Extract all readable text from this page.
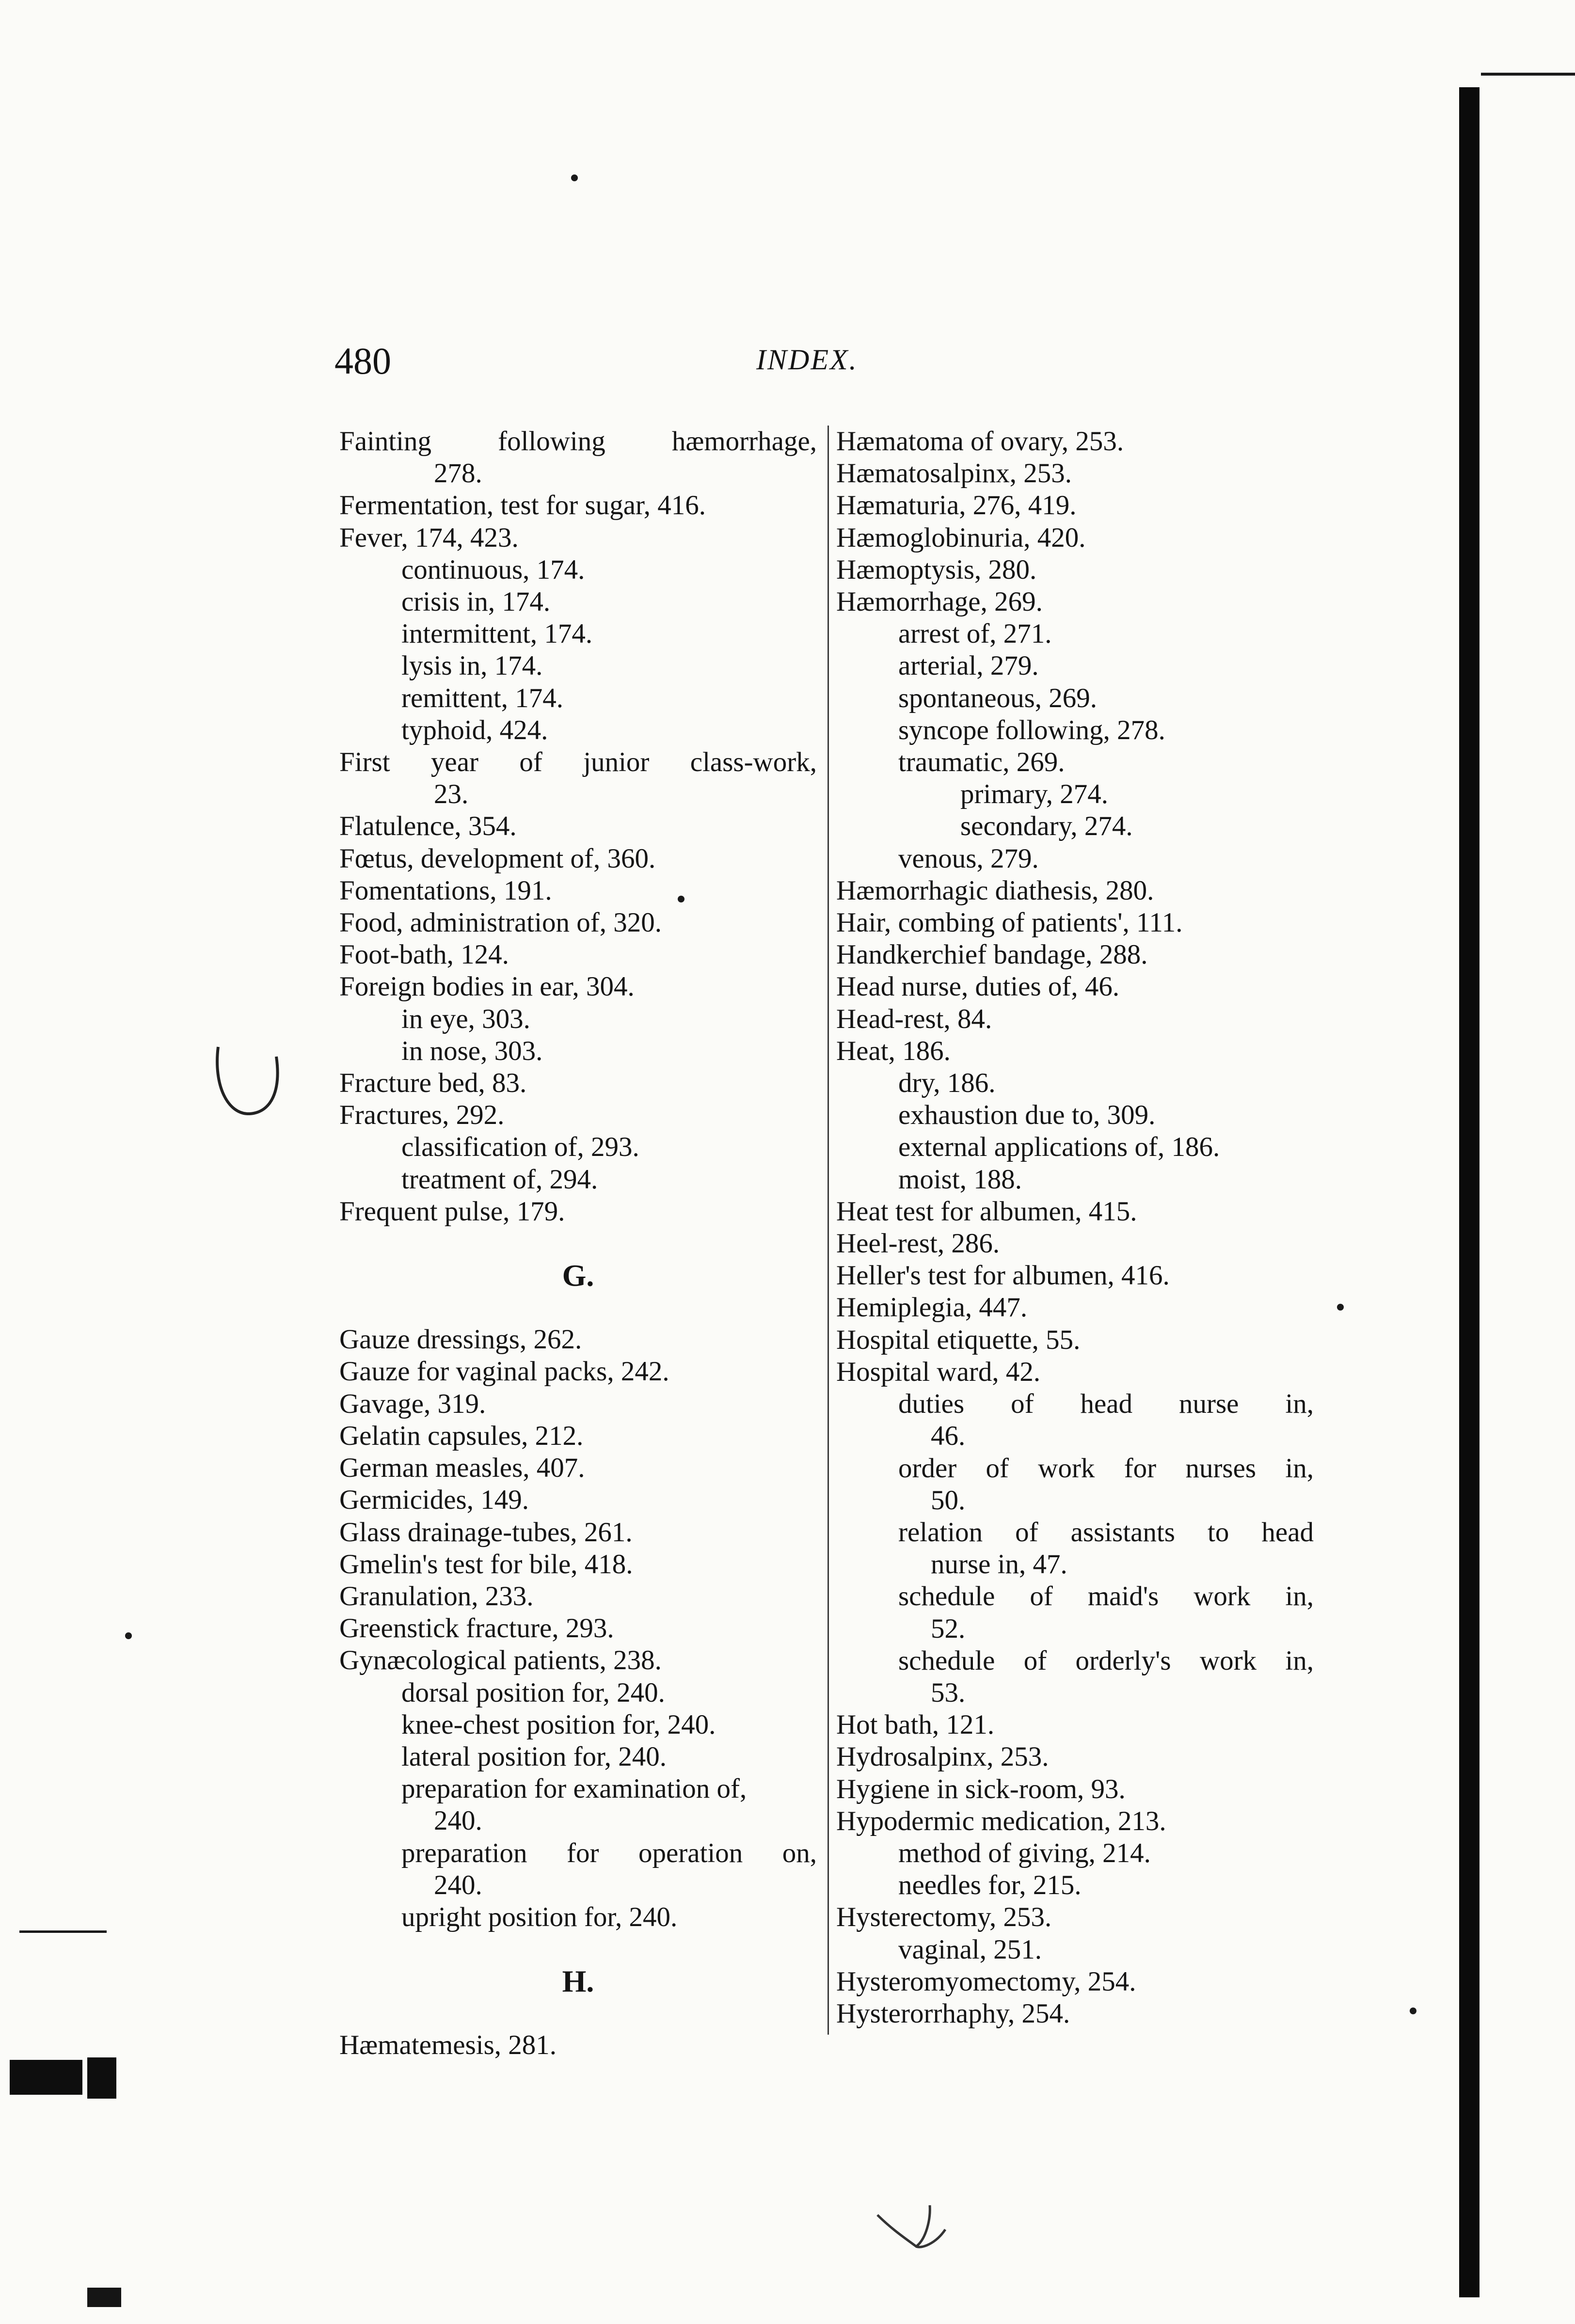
480	INDEX.
Fainting following hæmorrhage,
278.
Fermentation, test for sugar, 416.
Fever, 174, 423.
continuous, 174.
crisis in, 174.
intermittent, 174.
lysis in, 174.
remittent, 174.
typhoid, 424.
First year of junior class-work,
23.
Flatulence, 354.
Fœtus, development of, 360.
Fomentations, 191.
Food, administration of, 320.
Foot-bath, 124.
Foreign bodies in ear, 304.
in eye, 303.
in nose, 303.
Fracture bed, 83.
Fractures, 292.
classification of, 293.
treatment of, 294.
Frequent pulse, 179.
G.
Gauze dressings, 262.
Gauze for vaginal packs, 242.
Gavage, 319.
Gelatin capsules, 212.
German measles, 407.
Germicides, 149.
Glass drainage-tubes, 261.
Gmelin's test for bile, 418.
Granulation, 233.
Greenstick fracture, 293.
Gynæcological patients, 238.
dorsal position for, 240.
knee-chest position for, 240.
lateral position for, 240.
preparation for examination of,
240.
preparation for operation on,
240.
upright position for, 240.
H.
Hæmatemesis, 281.
Hæmatoma of ovary, 253.
Hæmatosalpinx, 253.
Hæmaturia, 276, 419.
Hæmoglobinuria, 420.
Hæmoptysis, 280.
Hæmorrhage, 269.
arrest of, 271.
arterial, 279.
spontaneous, 269.
syncope following, 278.
traumatic, 269.
primary, 274.
secondary, 274.
venous, 279.
Hæmorrhagic diathesis, 280.
Hair, combing of patients', 111.
Handkerchief bandage, 288.
Head nurse, duties of, 46.
Head-rest, 84.
Heat, 186.
dry, 186.
exhaustion due to, 309.
external applications of, 186.
moist, 188.
Heat test for albumen, 415.
Heel-rest, 286.
Heller's test for albumen, 416.
Hemiplegia, 447.
Hospital etiquette, 55.
Hospital ward, 42.
duties of head nurse in,
46.
order of work for nurses in,
50.
relation of assistants to head
nurse in, 47.
schedule of maid's work in,
52.
schedule of orderly's work in,
53.
Hot bath, 121.
Hydrosalpinx, 253.
Hygiene in sick-room, 93.
Hypodermic medication, 213.
method of giving, 214.
needles for, 215.
Hysterectomy, 253.
vaginal, 251.
Hysteromyomectomy, 254.
Hysterorrhaphy, 254.
